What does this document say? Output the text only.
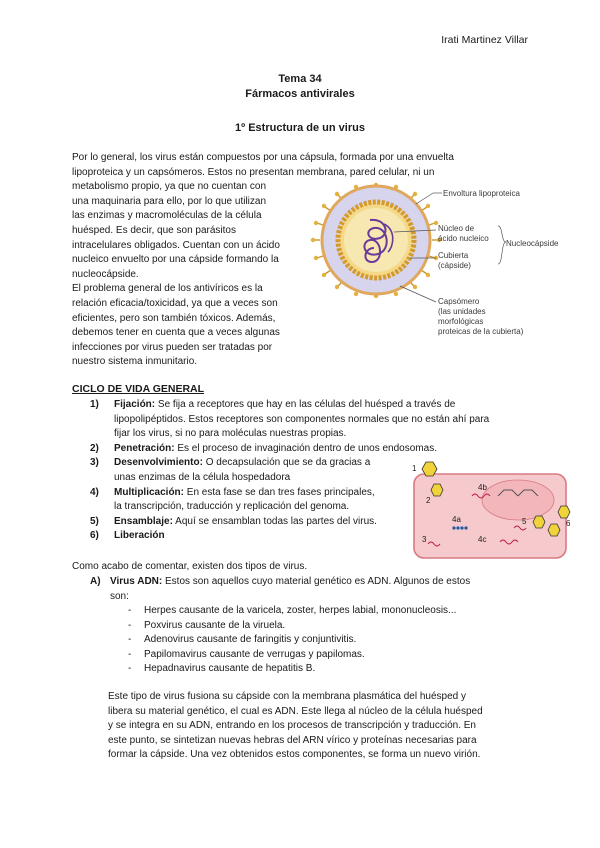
Irati Martinez Villar
Tema 34
Fármacos antivirales
1º Estructura de un virus
Por lo general, los virus están compuestos por una cápsula, formada por una envuelta
lipoproteica y un capsómeros. Estos no presentan membrana, pared celular, ni un
metabolismo propio, ya que no cuentan con
una maquinaria para ello, por lo que utilizan
las enzimas y macromoléculas de la célula
huésped. Es decir, que son parásitos
intracelulares obligados. Cuentan con un ácido
nucleico envuelto por una cápside formando la
nucleocápside.
El problema general de los antivíricos es la
relación eficacia/toxicidad, ya que a veces son
eficientes, pero son también tóxicos. Además,
debemos tener en cuenta que a veces algunas
infecciones por virus pueden ser tratadas por
nuestro sistema inmunitario.
Envoltura lipoproteica
Núcleo de
ácido nucleico
Nucleocápside
Cubierta
(cápside)
Capsómero
(las unidades
morfológicas
proteicas de la cubierta)
CICLO DE VIDA GENERAL
1)	Fijación: Se fija a receptores que hay en las células del huésped a través de
lipopolipéptidos. Estos receptores son componentes normales que no están ahí para
fijar los virus, si no para moléculas nuestras propias.
2)	Penetración: Es el proceso de invaginación dentro de unos endosomas.
3)	Desenvolvimiento: O decapsulación que se da gracias a
unas enzimas de la célula hospedadora
4)	Multiplicación: En esta fase se dan tres fases principales,
la transcripción, traducción y replicación del genoma.
5)	Ensamblaje: Aquí se ensamblan todas las partes del virus.
6)	Liberación
1
2
3
4a
4b
4c
5	6
Como acabo de comentar, existen dos tipos de virus.
A) Virus ADN: Estos son aquellos cuyo material genético es ADN. Algunos de estos
son:
-	Herpes causante de la varicela, zoster, herpes labial, mononucleosis...
-	Poxvirus causante de la viruela.
-	Adenovirus causante de faringitis y conjuntivitis.
-	Papilomavirus causante de verrugas y papilomas.
-	Hepadnavirus causante de hepatitis B.
Este tipo de virus fusiona su cápside con la membrana plasmática del huésped y
libera su material genético, el cual es ADN. Este llega al núcleo de la célula huésped
y se integra en su ADN, entrando en los procesos de transcripción y traducción. En
este punto, se sintetizan nuevas hebras del ARN vírico y proteínas necesarias para
formar la cápside. Una vez obtenidos estos componentes, se forma un nuevo virión.
